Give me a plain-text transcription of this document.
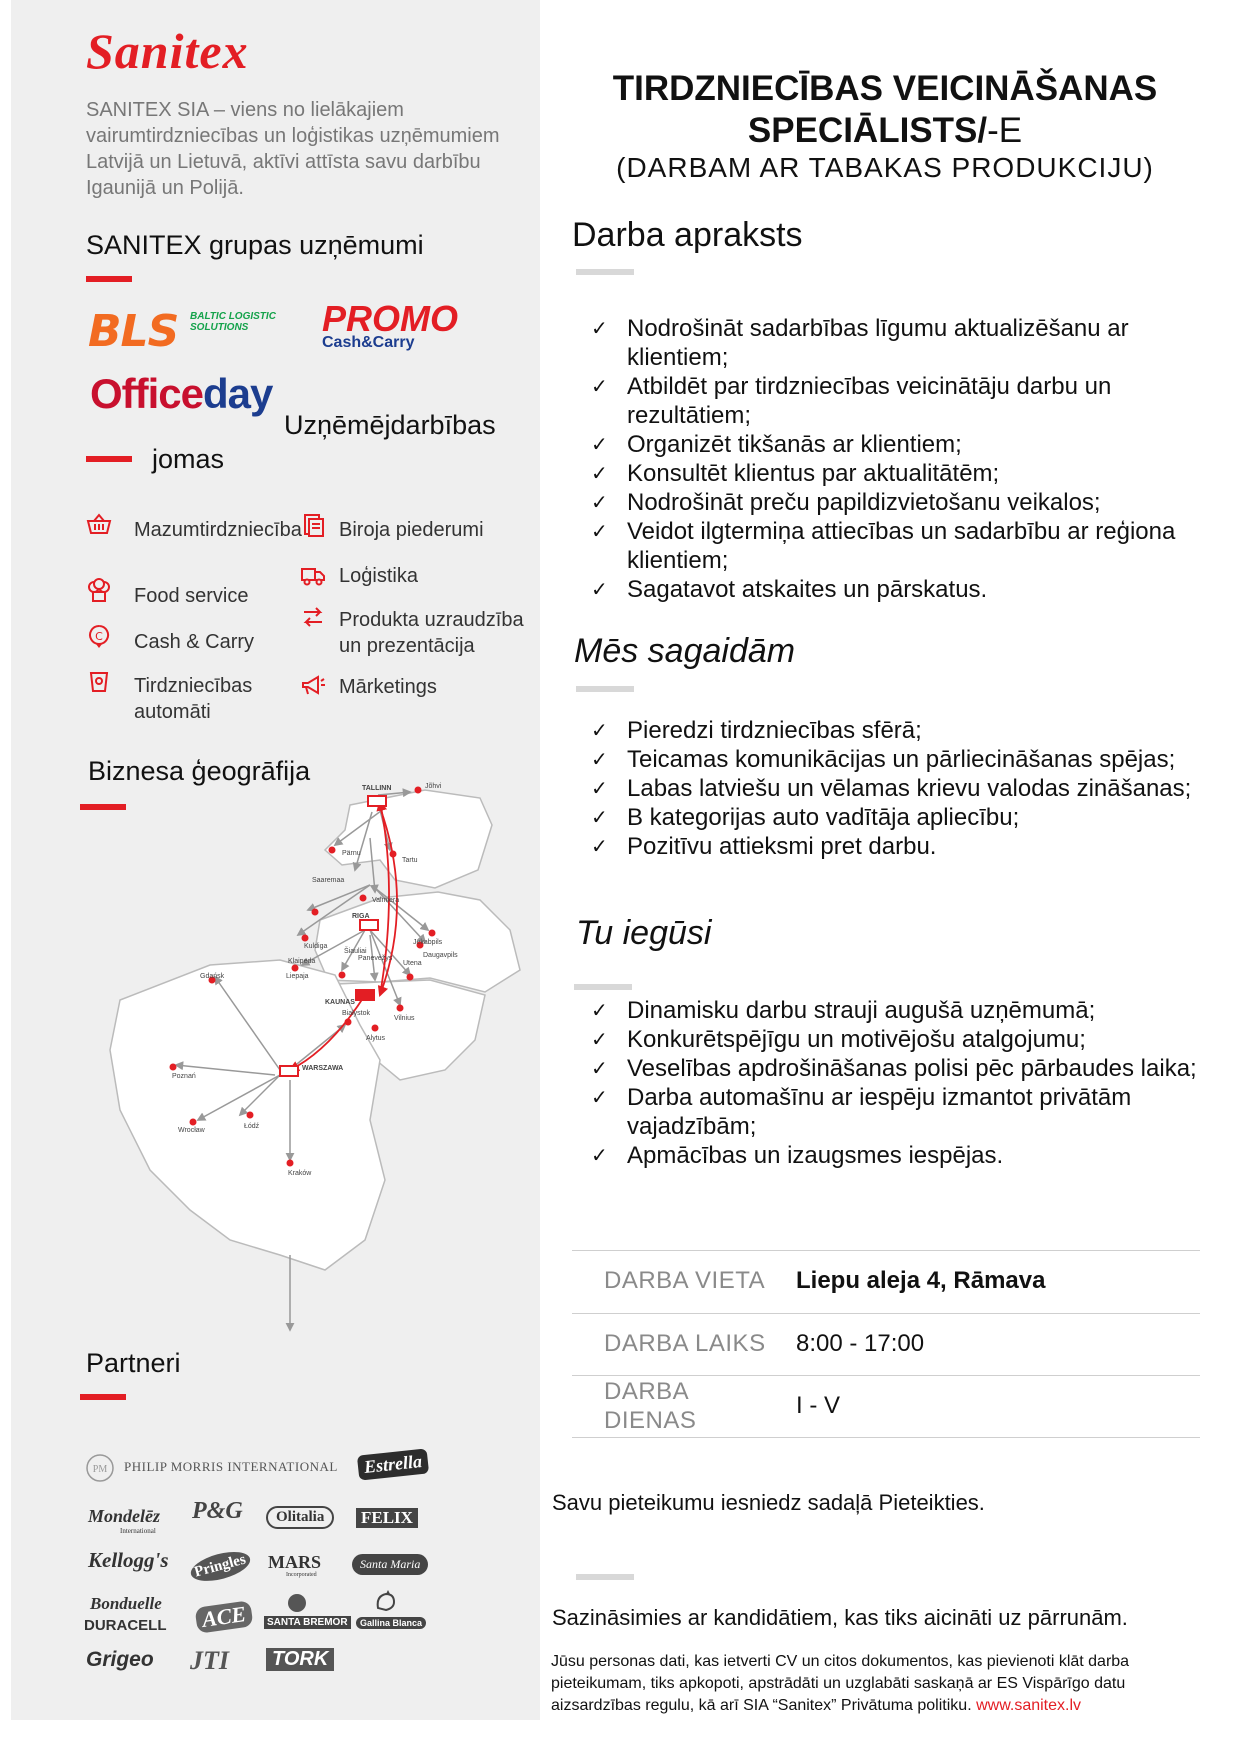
Sanitex
SANITEX SIA – viens no lielākajiem vairumtirdzniecības un loģistikas uzņēmumiem Latvijā un Lietuvā, aktīvi attīsta savu darbību Igaunijā un Polijā.
SANITEX grupas uzņēmumi
BLS BALTIC LOGISTIC
SOLUTIONS	PROMO
Cash&Carry
Officeday
Uzņēmējdarbības
jomas
Mazumtirdzniecība
Food service
C Cash & Carry
Tirdzniecības
automāti
Biroja piederumi
Loģistika
Produkta uzraudzība
un prezentācija
Mārketings
Biznesa ģeogrāfija
TALLINN	Jõhvi
Pärnu
Tartu
Saaremaa
Valmiera
RIGA
Kuldiga
Liepaja
Jekabpils
Daugavpils
Šiauliai
Klaipeda	Panevėžys
Utena
KAUNAS
Vilnius
Alytus
Gdańsk
Białystok
Poznań
WARSZAWA
Wrocław
Łódź
Kraków
Partneri
PM PHILIP MORRIS INTERNATIONAL	Estrella
Mondelēz
International
P&G	Olitalia	FELIX
Kellogg's	Pringles MARS
Incorporated
Santa Maria
Bonduelle
DURACELL ACE	SANTA BREMOR	Gallina Blanca
Grigeo JTI	TORK
TIRDZNIECĪBAS VEICINĀŠANAS
SPECIĀLISTS/-E
(DARBAM AR TABAKAS PRODUKCIJU)
Darba apraksts
✓ Nodrošināt sadarbības līgumu aktualizēšanu ar klientiem;
✓ Atbildēt par tirdzniecības veicinātāju darbu un rezultātiem;
✓ Organizēt tikšanās ar klientiem;
✓ Konsultēt klientus par aktualitātēm;
✓ Nodrošināt preču papildizvietošanu veikalos;
✓ Veidot ilgtermiņa attiecības un sadarbību ar reģiona klientiem;
✓ Sagatavot atskaites un pārskatus.
Mēs sagaidām
✓ Pieredzi tirdzniecības sfērā;
✓ Teicamas komunikācijas un pārliecināšanas spējas;
✓ Labas latviešu un vēlamas krievu valodas zināšanas;
✓ B kategorijas auto vadītāja apliecību;
✓ Pozitīvu attieksmi pret darbu.
Tu iegūsi
✓ Dinamisku darbu strauji augušā uzņēmumā;
✓ Konkurētspējīgu un motivējošu atalgojumu;
✓ Veselības apdrošināšanas polisi pēc pārbaudes laika;
✓ Darba automašīnu ar iespēju izmantot privātām vajadzībām;
✓ Apmācības un izaugsmes iespējas.
DARBA VIETA	Liepu aleja 4, Rāmava
DARBA LAIKS	8:00 - 17:00
DARBA
DIENAS	I - V
Savu pieteikumu iesniedz sadaļā Pieteikties.
Sazināsimies ar kandidātiem, kas tiks aicināti uz pārrunām.
Jūsu personas dati, kas ietverti CV un citos dokumentos, kas pievienoti klāt darba pieteikumam, tiks apkopoti, apstrādāti un uzglabāti saskaņā ar ES Vispārīgo datu aizsardzības regulu, kā arī SIA “Sanitex” Privātuma politiku. www.sanitex.lv
